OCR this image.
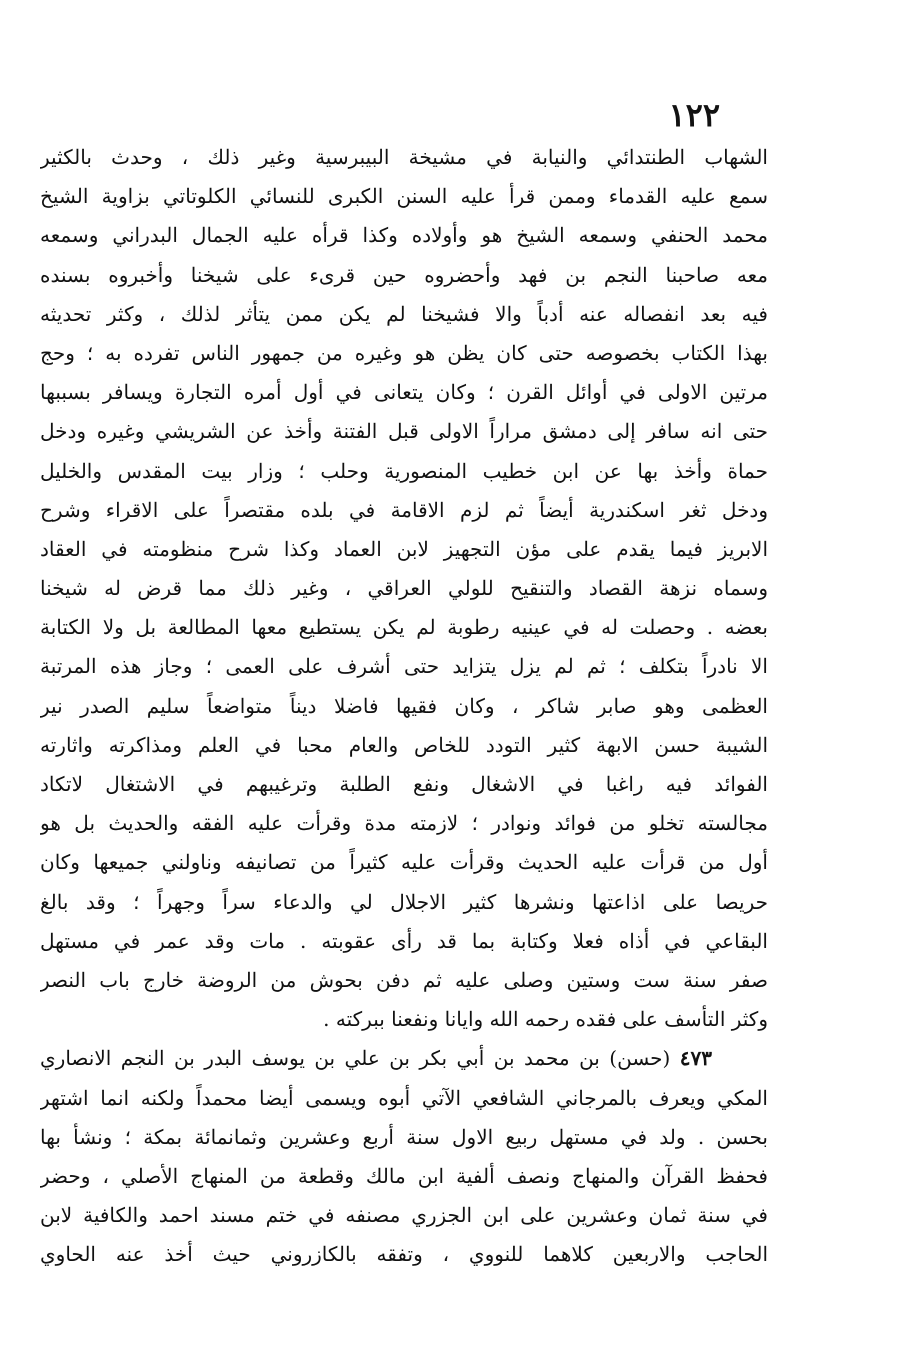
١٢٢
الشهاب الطنتدائي والنيابة في مشيخة البيبرسية وغير ذلك ، وحدث بالكثير
سمع عليه القدماء وممن قرأ عليه السنن الكبرى للنسائي الكلوتاتي بزاوية الشيخ
محمد الحنفي وسمعه الشيخ هو وأولاده وكذا قرأه عليه الجمال البدراني وسمعه
معه صاحبنا النجم بن فهد وأحضروه حين قرىء على شيخنا وأخبروه بسنده
فيه بعد انفصاله عنه أدباً والا فشيخنا لم يكن ممن يتأثر لذلك ، وكثر تحديثه
بهذا الكتاب بخصوصه حتى كان يظن هو وغيره من جمهور الناس تفرده به ؛ وحج
مرتين الاولى في أوائل القرن ؛ وكان يتعانى في أول أمره التجارة ويسافر بسببها
حتى انه سافر إلى دمشق مراراً الاولى قبل الفتنة وأخذ عن الشريشي وغيره ودخل
حماة وأخذ بها عن ابن خطيب المنصورية وحلب ؛ وزار بيت المقدس والخليل
ودخل ثغر اسكندرية أيضاً ثم لزم الاقامة في بلده مقتصراً على الاقراء وشرح
الابريز فيما يقدم على مؤن التجهيز لابن العماد وكذا شرح منظومته في العقاد
وسماه نزهة القصاد والتنقيح للولي العراقي ، وغير ذلك مما قرض له شيخنا
بعضه . وحصلت له في عينيه رطوبة لم يكن يستطيع معها المطالعة بل ولا الكتابة
الا نادراً بتكلف ؛ ثم لم يزل يتزايد حتى أشرف على العمى ؛ وجاز هذه المرتبة
العظمى وهو صابر شاكر ، وكان فقيها فاضلا ديناً متواضعاً سليم الصدر نير
الشيبة حسن الابهة كثير التودد للخاص والعام محبا في العلم ومذاكرته واثارته
الفوائد فيه راغبا في الاشغال ونفع الطلبة وترغيبهم في الاشتغال لاتكاد
مجالسته تخلو من فوائد ونوادر ؛ لازمته مدة وقرأت عليه الفقه والحديث بل هو
أول من قرأت عليه الحديث وقرأت عليه كثيراً من تصانيفه وناولني جميعها وكان
حريصا على اذاعتها ونشرها كثير الاجلال لي والدعاء سراً وجهراً ؛ وقد بالغ
البقاعي في أذاه فعلا وكتابة بما قد رأى عقوبته . مات وقد عمر في مستهل
صفر سنة ست وستين وصلى عليه ثم دفن بحوش من الروضة خارج باب النصر
وكثر التأسف على فقده رحمه الله وايانا ونفعنا ببركته .
٤٧٣ (حسن) بن محمد بن أبي بكر بن علي بن يوسف البدر بن النجم الانصاري
المكي ويعرف بالمرجاني الشافعي الآتي أبوه ويسمى أيضا محمداً ولكنه انما اشتهر
بحسن . ولد في مستهل ربيع الاول سنة أربع وعشرين وثمانمائة بمكة ؛ ونشأ بها
فحفظ القرآن والمنهاج ونصف ألفية ابن مالك وقطعة من المنهاج الأصلي ، وحضر
في سنة ثمان وعشرين على ابن الجزري مصنفه في ختم مسند احمد والكافية لابن
الحاجب والاربعين كلاهما للنووي ، وتفقه بالكازروني حيث أخذ عنه الحاوي
